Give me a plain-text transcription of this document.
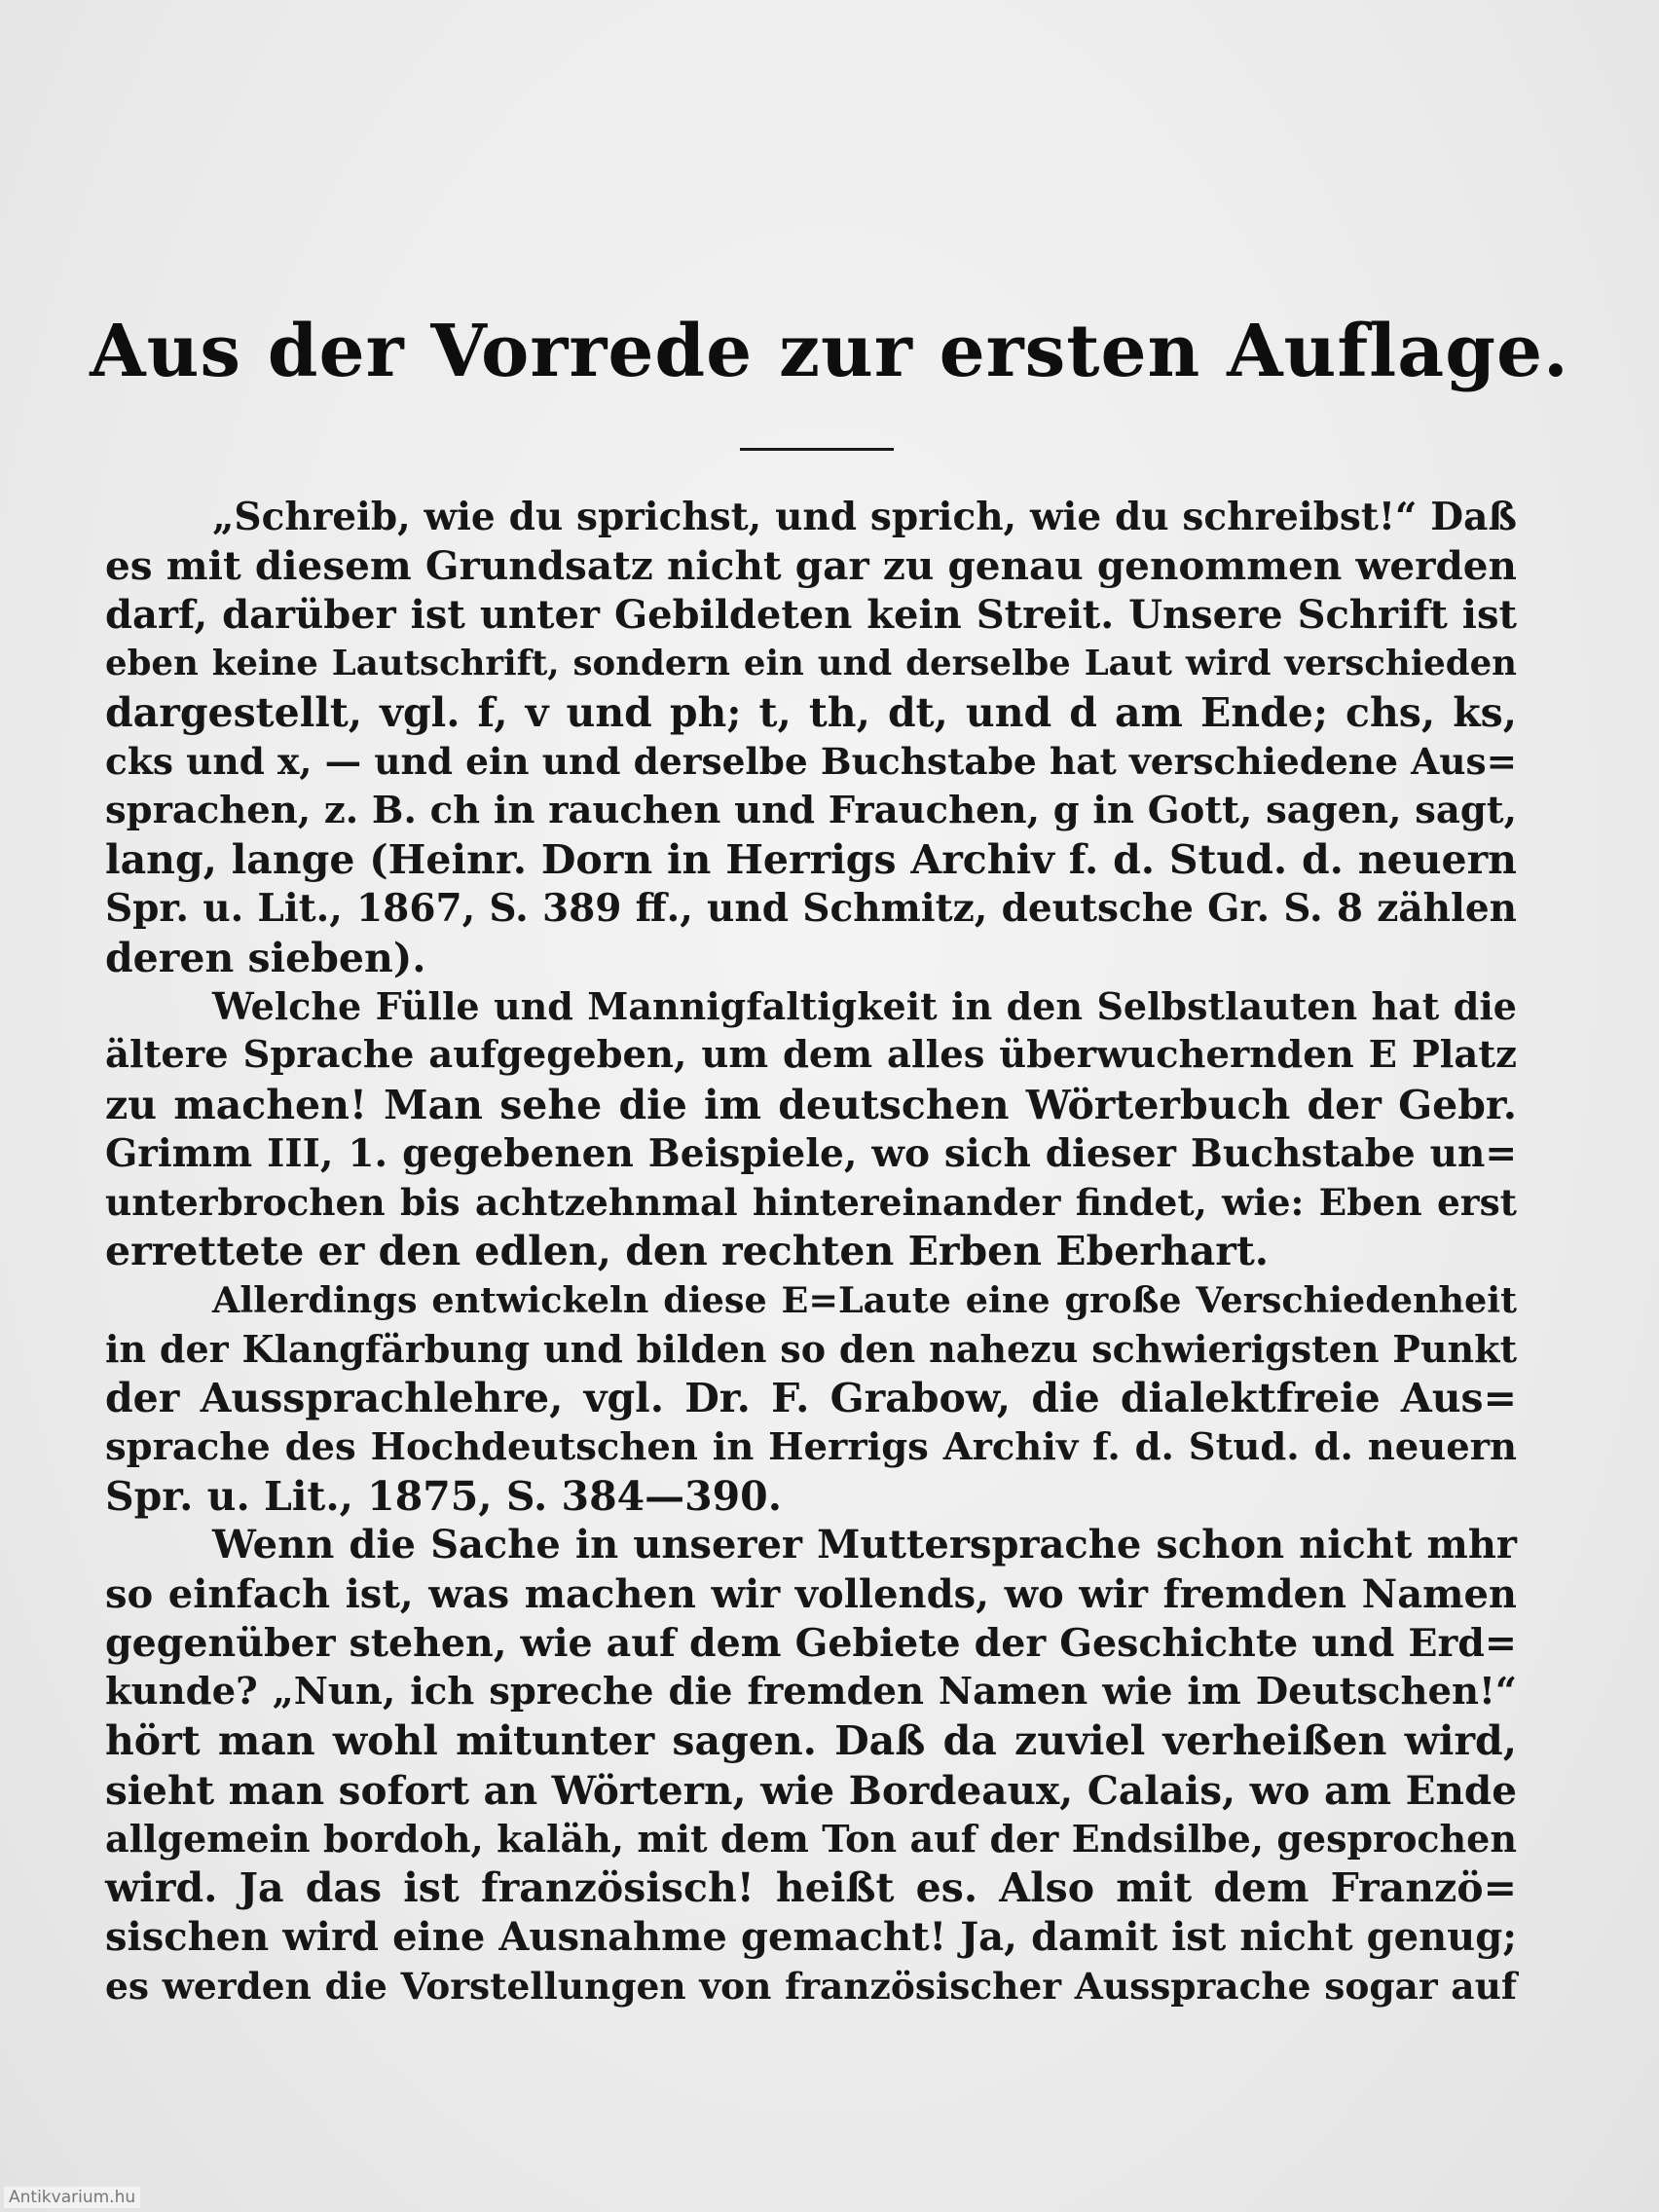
Aus der Vorrede zur ersten Auflage.
„Schreib, wie du sprichst, und sprich, wie du schreibst!“ Daß
es mit diesem Grundsatz nicht gar zu genau genommen werden
darf, darüber ist unter Gebildeten kein Streit. Unsere Schrift ist
eben keine Lautschrift, sondern ein und derselbe Laut wird verschieden
dargestellt, vgl. f, v und ph; t, th, dt, und d am Ende; chs, ks,
cks und x, — und ein und derselbe Buchstabe hat verschiedene Aus=
sprachen, z. B. ch in rauchen und Frauchen, g in Gott, sagen, sagt,
lang, lange (Heinr. Dorn in Herrigs Archiv f. d. Stud. d. neuern
Spr. u. Lit., 1867, S. 389 ff., und Schmitz, deutsche Gr. S. 8 zählen
deren sieben).
Welche Fülle und Mannigfaltigkeit in den Selbstlauten hat die
ältere Sprache aufgegeben, um dem alles überwuchernden E Platz
zu machen! Man sehe die im deutschen Wörterbuch der Gebr.
Grimm III, 1. gegebenen Beispiele, wo sich dieser Buchstabe un=
unterbrochen bis achtzehnmal hintereinander findet, wie: Eben erst
errettete er den edlen, den rechten Erben Eberhart.
Allerdings entwickeln diese E=Laute eine große Verschiedenheit
in der Klangfärbung und bilden so den nahezu schwierigsten Punkt
der Aussprachlehre, vgl. Dr. F. Grabow, die dialektfreie Aus=
sprache des Hochdeutschen in Herrigs Archiv f. d. Stud. d. neuern
Spr. u. Lit., 1875, S. 384—390.
Wenn die Sache in unserer Muttersprache schon nicht mhr
so einfach ist, was machen wir vollends, wo wir fremden Namen
gegenüber stehen, wie auf dem Gebiete der Geschichte und Erd=
kunde? „Nun, ich spreche die fremden Namen wie im Deutschen!“
hört man wohl mitunter sagen. Daß da zuviel verheißen wird,
sieht man sofort an Wörtern, wie Bordeaux, Calais, wo am Ende
allgemein bordoh, kaläh, mit dem Ton auf der Endsilbe, gesprochen
wird. Ja das ist französisch! heißt es. Also mit dem Franzö=
sischen wird eine Ausnahme gemacht! Ja, damit ist nicht genug;
es werden die Vorstellungen von französischer Aussprache sogar auf
Antikvarium.hu
